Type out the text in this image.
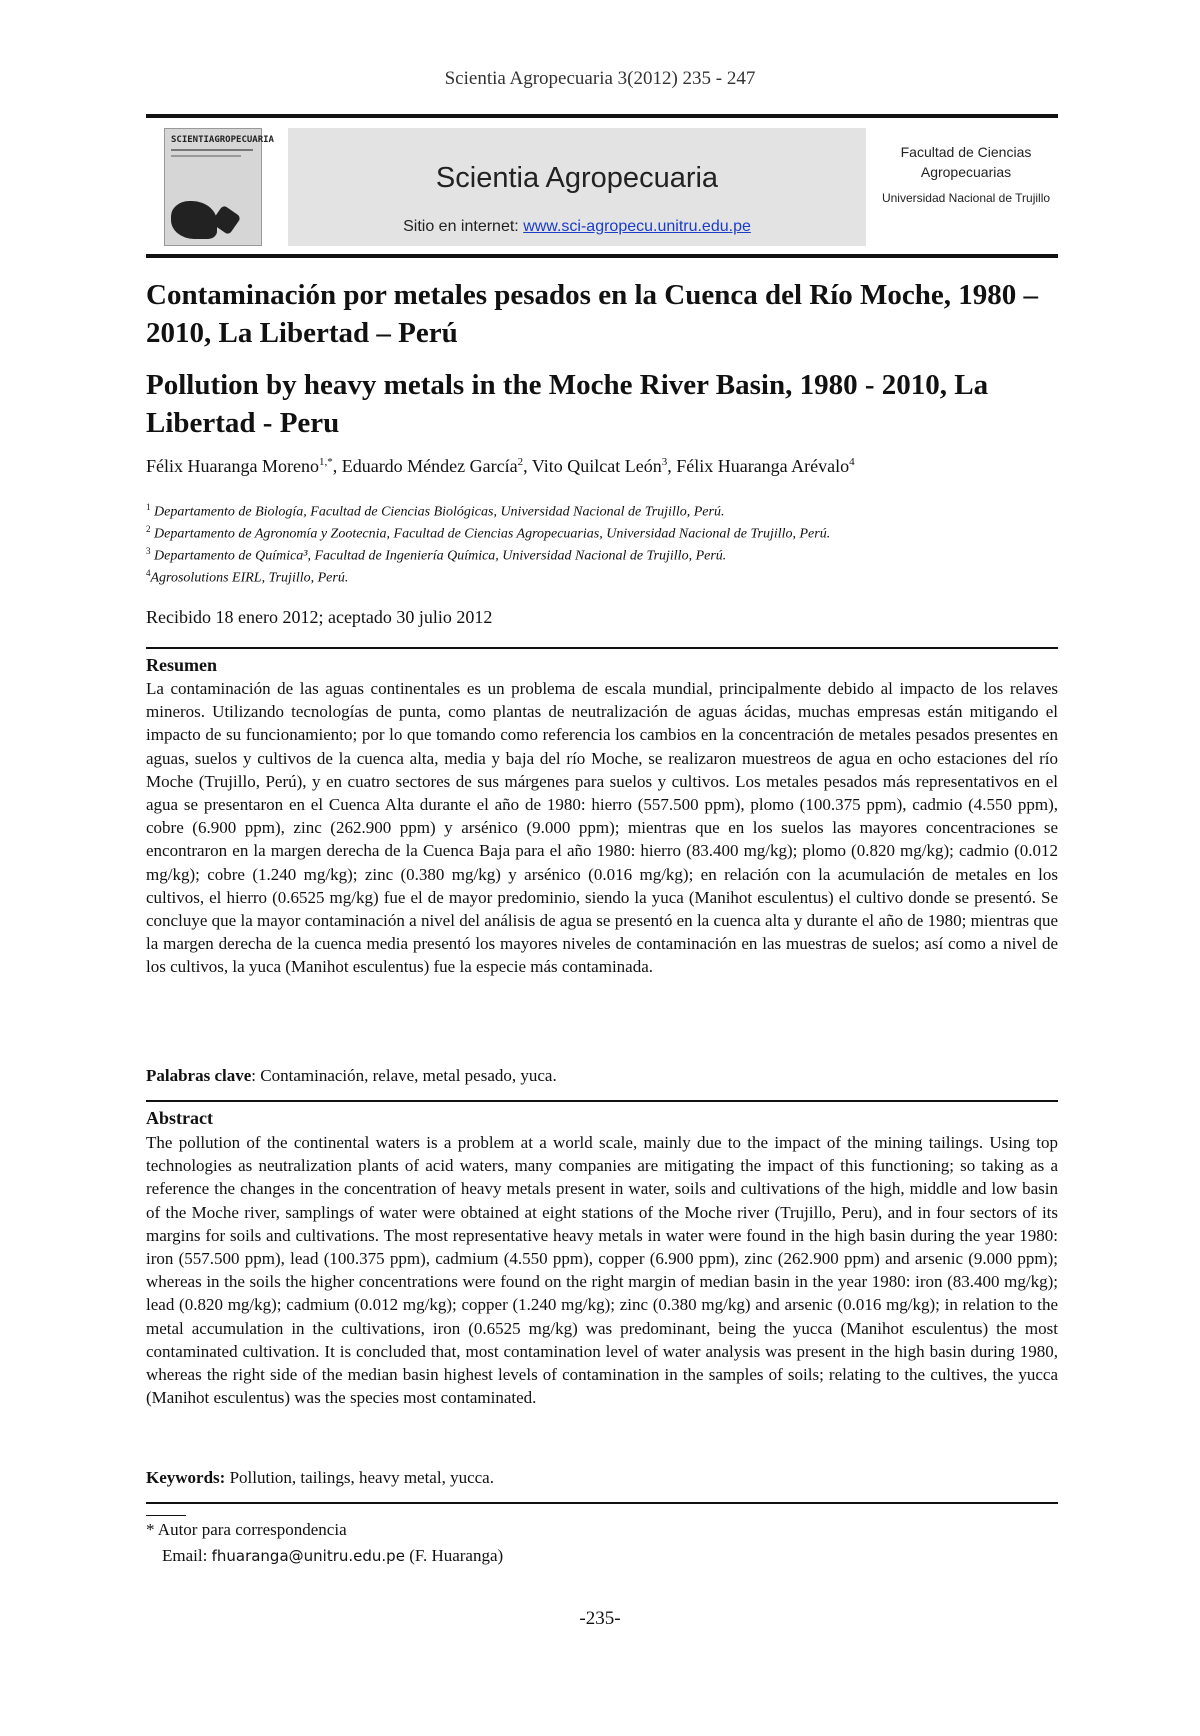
Scientia Agropecuaria 3(2012) 235 - 247
SCIENTIAGROPECUARIA
Scientia Agropecuaria
Sitio en internet: www.sci-agropecu.unitru.edu.pe
Facultad de Ciencias Agropecuarias
Universidad Nacional de Trujillo
Contaminación por metales pesados en la Cuenca del Río Moche, 1980 – 2010, La Libertad – Perú
Pollution by heavy metals in the Moche River Basin, 1980 - 2010, La Libertad - Peru
Félix Huaranga Moreno$^{1,*}$, Eduardo Méndez García$^2$, Vito Quilcat León$^3$, Félix Huaranga Arévalo$^4$
$^1$ Departamento de Biología, Facultad de Ciencias Biológicas, Universidad Nacional de Trujillo, Perú.
$^2$ Departamento de Agronomía y Zootecnia, Facultad de Ciencias Agropecuarias, Universidad Nacional de Trujillo, Perú.
$^3$ Departamento de Química³, Facultad de Ingeniería Química, Universidad Nacional de Trujillo, Perú.
$^4$Agrosolutions EIRL, Trujillo, Perú.
Recibido 18 enero 2012; aceptado 30 julio 2012
Resumen

La contaminación de las aguas continentales es un problema de escala mundial, principalmente debido al impacto de los relaves mineros. Utilizando tecnologías de punta, como plantas de neutralización de aguas ácidas, muchas empresas están mitigando el impacto de su funcionamiento; por lo que tomando como referencia los cambios en la concentración de metales pesados presentes en aguas, suelos y cultivos de la cuenca alta, media y baja del río Moche, se realizaron muestreos de agua en ocho estaciones del río Moche (Trujillo, Perú), y en cuatro sectores de sus márgenes para suelos y cultivos. Los metales pesados más representativos en el agua se presentaron en el Cuenca Alta durante el año de 1980: hierro (557.500 ppm), plomo (100.375 ppm), cadmio (4.550 ppm), cobre (6.900 ppm), zinc (262.900 ppm) y arsénico (9.000 ppm); mientras que en los suelos las mayores concentraciones se encontraron en la margen derecha de la Cuenca Baja para el año 1980: hierro (83.400 mg/kg); plomo (0.820 mg/kg); cadmio (0.012 mg/kg); cobre (1.240 mg/kg); zinc (0.380 mg/kg) y arsénico (0.016 mg/kg); en relación con la acumulación de metales en los cultivos, el hierro (0.6525 mg/kg) fue el de mayor predominio, siendo la yuca (Manihot esculentus) el cultivo donde se presentó. Se concluye que la mayor contaminación a nivel del análisis de agua se presentó en la cuenca alta y durante el año de 1980; mientras que la margen derecha de la cuenca media presentó los mayores niveles de contaminación en las muestras de suelos; así como a nivel de los cultivos, la yuca (Manihot esculentus) fue la especie más contaminada.

Palabras clave: Contaminación, relave, metal pesado, yuca.
Abstract

The pollution of the continental waters is a problem at a world scale, mainly due to the impact of the mining tailings. Using top technologies as neutralization plants of acid waters, many companies are mitigating the impact of this functioning; so taking as a reference the changes in the concentration of heavy metals present in water, soils and cultivations of the high, middle and low basin of the Moche river, samplings of water were obtained at eight stations of the Moche river (Trujillo, Peru), and in four sectors of its margins for soils and cultivations. The most representative heavy metals in water were found in the high basin during the year 1980: iron (557.500 ppm), lead (100.375 ppm), cadmium (4.550 ppm), copper (6.900 ppm), zinc (262.900 ppm) and arsenic (9.000 ppm); whereas in the soils the higher concentrations were found on the right margin of median basin in the year 1980: iron (83.400 mg/kg); lead (0.820 mg/kg); cadmium (0.012 mg/kg); copper (1.240 mg/kg); zinc (0.380 mg/kg) and arsenic (0.016 mg/kg); in relation to the metal accumulation in the cultivations, iron (0.6525 mg/kg) was predominant, being the yucca (Manihot esculentus) the most contaminated cultivation. It is concluded that, most contamination level of water analysis was present in the high basin during 1980, whereas the right side of the median basin highest levels of contamination in the samples of soils; relating to the cultives, the yucca (Manihot esculentus) was the species most contaminated.

Keywords: Pollution, tailings, heavy metal, yucca.
* Autor para correspondencia
Email: fhuaranga@unitru.edu.pe (F. Huaranga)
-235-
